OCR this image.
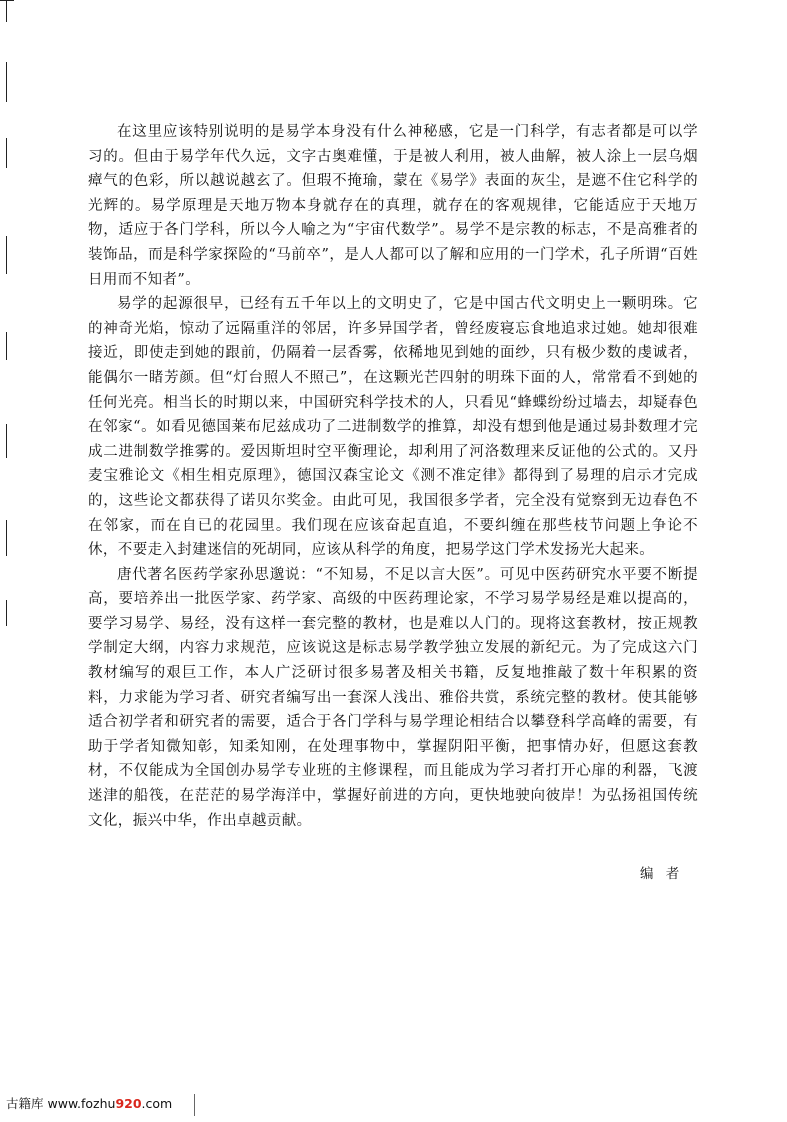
在这里应该特别说明的是易学本身没有什么神秘感，它是一门科学，有志者都是可以学习的。但由于易学年代久远，文字古奥难懂，于是被人利用，被人曲解，被人涂上一层乌烟瘴气的色彩，所以越说越玄了。但瑕不掩瑜，蒙在《易学》表面的灰尘，是遮不住它科学的光辉的。易学原理是天地万物本身就存在的真理，就存在的客观规律，它能适应于天地万物，适应于各门学科，所以今人喻之为“宇宙代数学”。易学不是宗教的标志，不是高雅者的装饰品，而是科学家探险的“马前卒”，是人人都可以了解和应用的一门学术，孔子所谓“百姓日用而不知者”。

易学的起源很早，已经有五千年以上的文明史了，它是中国古代文明史上一颗明珠。它的神奇光焰，惊动了远隔重洋的邻居，许多异国学者，曾经废寝忘食地追求过她。她却很难接近，即使走到她的跟前，仍隔着一层香雾，依稀地见到她的面纱，只有极少数的虔诚者，能偶尔一睹芳颜。但“灯台照人不照己”，在这颗光芒四射的明珠下面的人，常常看不到她的任何光亮。相当长的时期以来，中国研究科学技术的人，只看见“蜂蝶纷纷过墙去，却疑春色在邻家“。如看见德国莱布尼兹成功了二进制数学的推算，却没有想到他是通过易卦数理才完成二进制数学推雾的。爱因斯坦时空平衡理论，却利用了河洛数理来反证他的公式的。又丹麦宝雅论文《相生相克原理》，德国汉森宝论文《测不准定律》都得到了易理的启示才完成的，这些论文都获得了诺贝尔奖金。由此可见，我国很多学者，完全没有觉察到无边春色不在邻家，而在自已的花园里。我们现在应该奋起直追，不要纠缠在那些枝节问题上争论不休，不要走入封建迷信的死胡同，应该从科学的角度，把易学这门学术发扬光大起来。

唐代著名医药学家孙思邈说：“不知易，不足以言大医”。可见中医药研究水平要不断提高，要培养出一批医学家、药学家、高级的中医药理论家，不学习易学易经是难以提高的，要学习易学、易经，没有这样一套完整的教材，也是难以人门的。现将这套教材，按正规教学制定大纲，内容力求规范，应该说这是标志易学教学独立发展的新纪元。为了完成这六门教材编写的艰巨工作，本人广泛研讨很多易著及相关书籍，反复地推敲了数十年积累的资料，力求能为学习者、研究者编写出一套深人浅出、雅俗共赏，系统完整的教材。使其能够适合初学者和研究者的需要，适合于各门学科与易学理论相结合以攀登科学高峰的需要，有助于学者知微知彰，知柔知刚，在处理事物中，掌握阴阳平衡，把事情办好，但愿这套教材，不仅能成为全国创办易学专业班的主修课程，而且能成为学习者打开心扉的利器，飞渡迷津的船筏，在茫茫的易学海洋中，掌握好前进的方向，更快地驶向彼岸！为弘扬祖国传统文化，振兴中华，作出卓越贡献。

编 者
古籍库 www.fozhu920.com
